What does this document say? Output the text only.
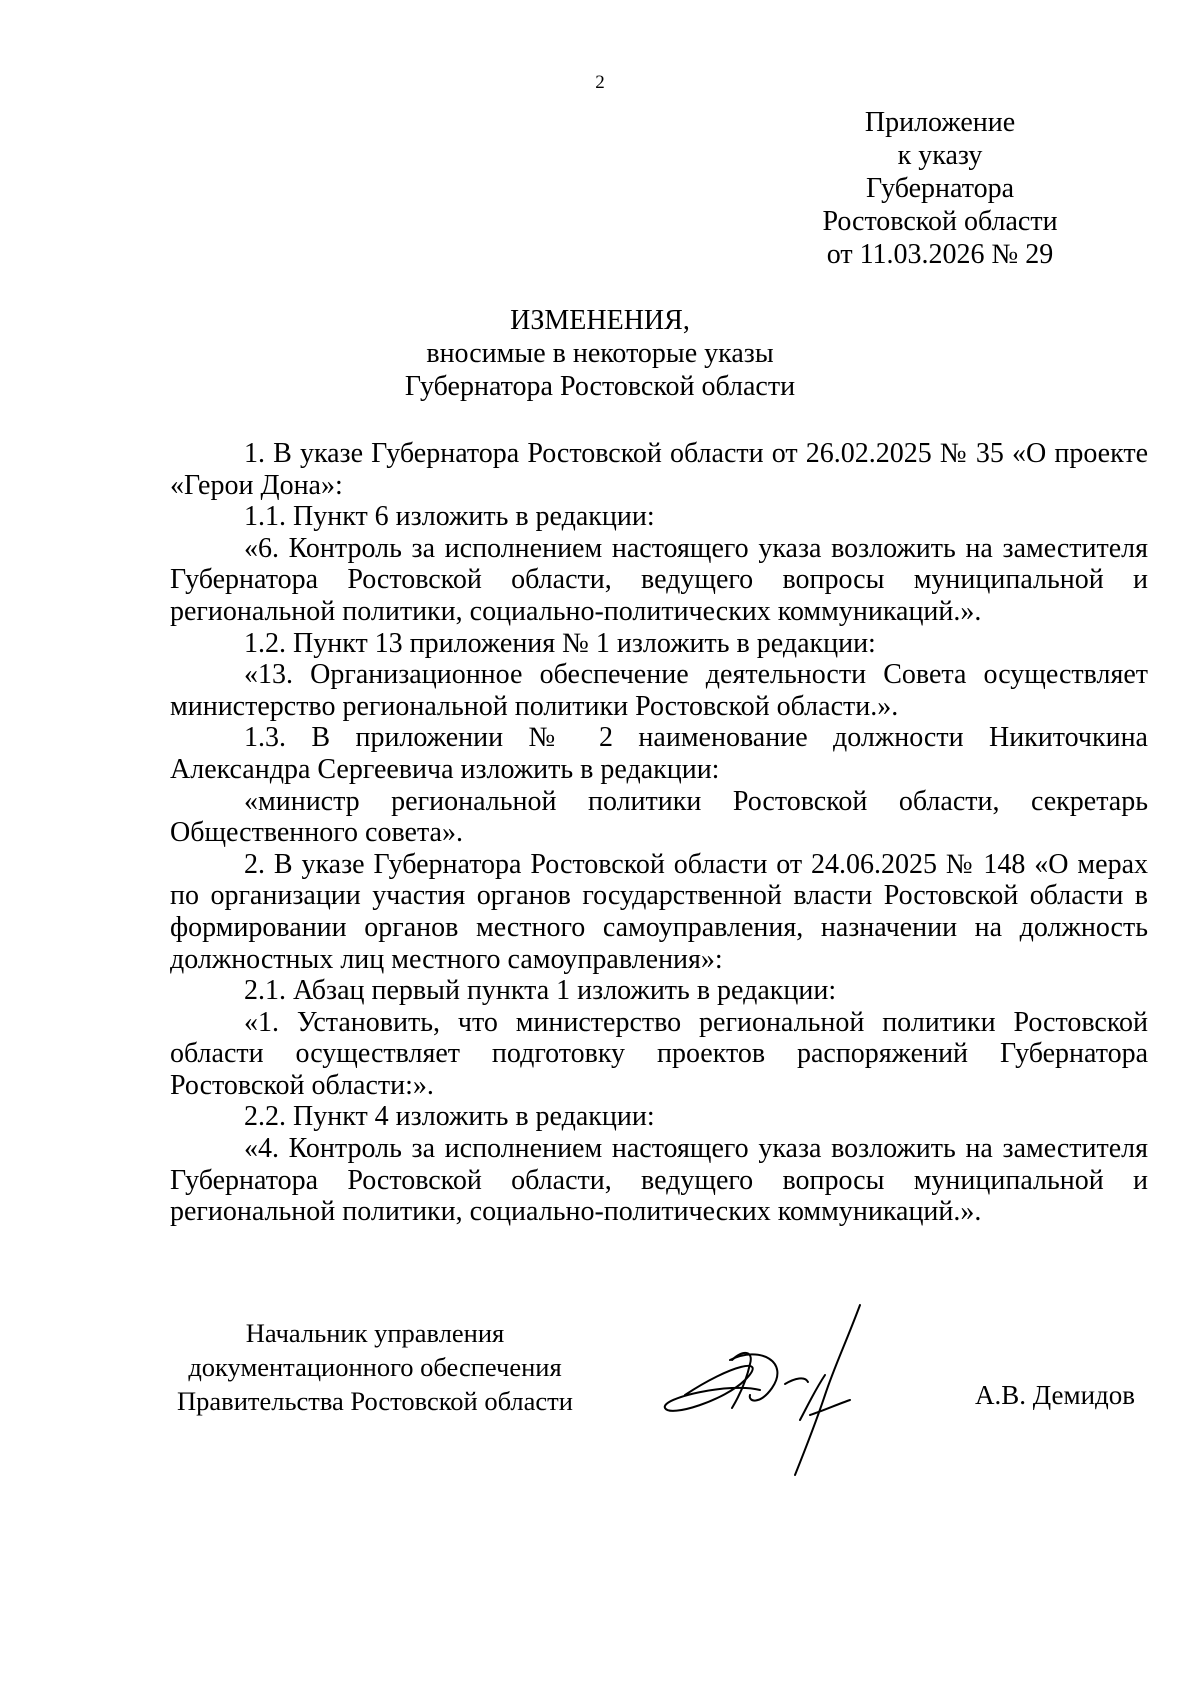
2
Приложение
к указу
Губернатора
Ростовской области
от 11.03.2026 № 29
ИЗМЕНЕНИЯ,
вносимые в некоторые указы
Губернатора Ростовской области

1. В указе Губернатора Ростовской области от 26.02.2025 № 35 «О проекте «Герои Дона»:

1.1. Пункт 6 изложить в редакции:

«6. Контроль за исполнением настоящего указа возложить на заместителя Губернатора Ростовской области, ведущего вопросы муниципальной и региональной политики, социально-политических коммуникаций.».

1.2. Пункт 13 приложения № 1 изложить в редакции:

«13. Организационное обеспечение деятельности Совета осуществляет министерство региональной политики Ростовской области.».

1.3. В приложении № 2 наименование должности Никиточкина Александра Сергеевича изложить в редакции:

«министр региональной политики Ростовской области, секретарь Общественного совета».

2. В указе Губернатора Ростовской области от 24.06.2025 № 148 «О мерах по организации участия органов государственной власти Ростовской области в формировании органов местного самоуправления, назначении на должность должностных лиц местного самоуправления»:

2.1. Абзац первый пункта 1 изложить в редакции:

«1. Установить, что министерство региональной политики Ростовской области осуществляет подготовку проектов распоряжений Губернатора Ростовской области:».

2.2. Пункт 4 изложить в редакции:

«4. Контроль за исполнением настоящего указа возложить на заместителя Губернатора Ростовской области, ведущего вопросы муниципальной и региональной политики, социально-политических коммуникаций.».

Начальник управления
документационного обеспечения
Правительства Ростовской области	А.В. Демидов
